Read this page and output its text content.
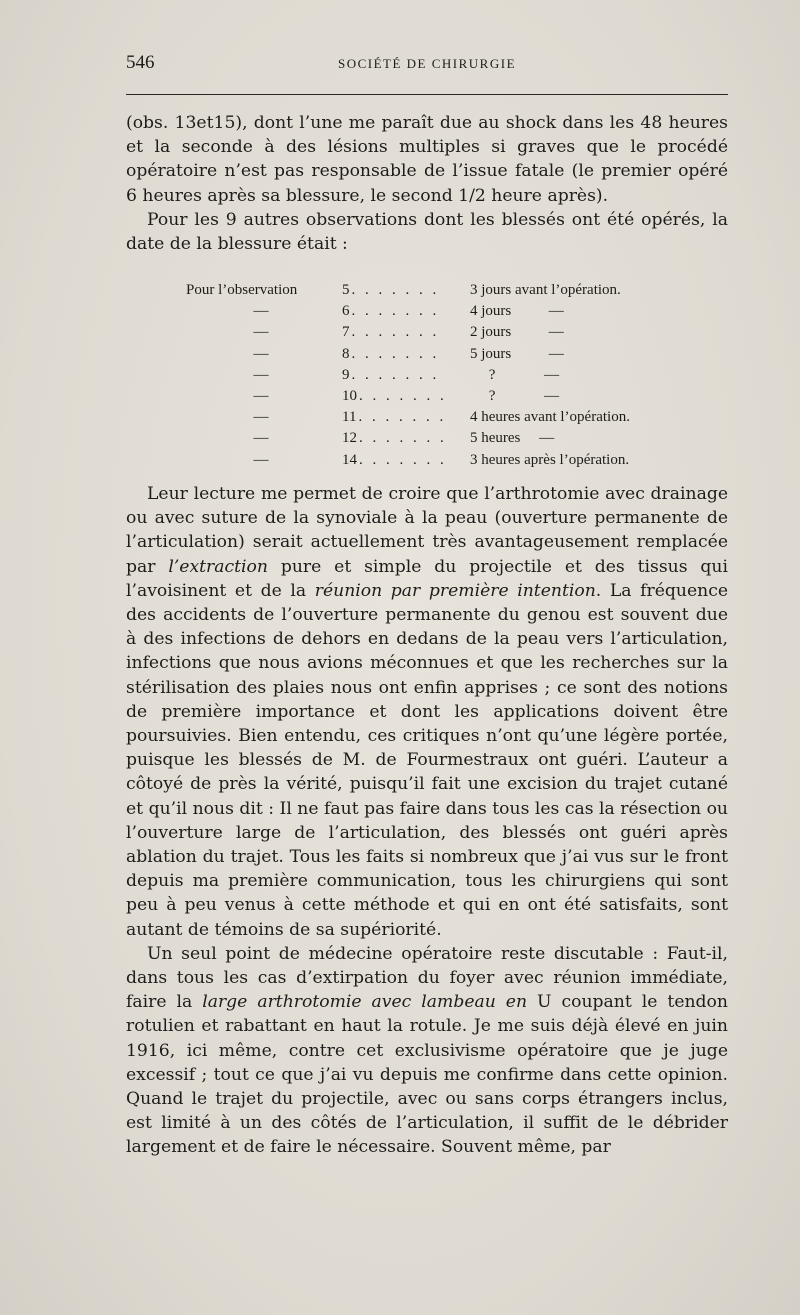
546	SOCIÉTÉ DE CHIRURGIE

(obs. 13et15), dont l’une me paraît due au shock dans les 48 heures et la seconde à des lésions multiples si graves que le procédé opératoire n’est pas responsable de l’issue fatale (le premier opéré 6 heures après sa blessure, le second 1/2 heure après).

Pour les 9 autres observations dont les blessés ont été opérés, la date de la blessure était :

Pour l’observation	5 . . . . . . . 3 jours avant l’opération.
—	6 . . . . . . . 4 jours          —
—	7 . . . . . . . 2 jours          —
—	8 . . . . . . . 5 jours          —
—	9 . . . . . . . ?             —
—	10 . . . . . . . ?             —
—	11 . . . . . . . 4 heures avant l’opération.
—	12 . . . . . . . 5 heures     —
—	14 . . . . . . . 3 heures après l’opération.

Leur lecture me permet de croire que l’arthrotomie avec drainage ou avec suture de la synoviale à la peau (ouverture permanente de l’articulation) serait actuellement très avantageusement remplacée par l’extraction pure et simple du projectile et des tissus qui l’avoisinent et de la réunion par première intention. La fréquence des accidents de l’ouverture permanente du genou est souvent due à des infections de dehors en dedans de la peau vers l’articulation, infections que nous avions méconnues et que les recherches sur la stérilisation des plaies nous ont enfin apprises ; ce sont des notions de première importance et dont les applications doivent être poursuivies. Bien entendu, ces critiques n’ont qu’une légère portée, puisque les blessés de M. de Fourmestraux ont guéri. L’auteur a côtoyé de près la vérité, puisqu’il fait une excision du trajet cutané et qu’il nous dit : Il ne faut pas faire dans tous les cas la résection ou l’ouverture large de l’articulation, des blessés ont guéri après ablation du trajet. Tous les faits si nombreux que j’ai vus sur le front depuis ma première communication, tous les chirurgiens qui sont peu à peu venus à cette méthode et qui en ont été satisfaits, sont autant de témoins de sa supériorité.

Un seul point de médecine opératoire reste discutable : Faut-il, dans tous les cas d’extirpation du foyer avec réunion immédiate, faire la large arthrotomie avec lambeau en U coupant le tendon rotulien et rabattant en haut la rotule. Je me suis déjà élevé en juin 1916, ici même, contre cet exclusivisme opératoire que je juge excessif ; tout ce que j’ai vu depuis me confirme dans cette opinion. Quand le trajet du projectile, avec ou sans corps étrangers inclus, est limité à un des côtés de l’articulation, il suffit de le débrider largement et de faire le nécessaire. Souvent même, par
